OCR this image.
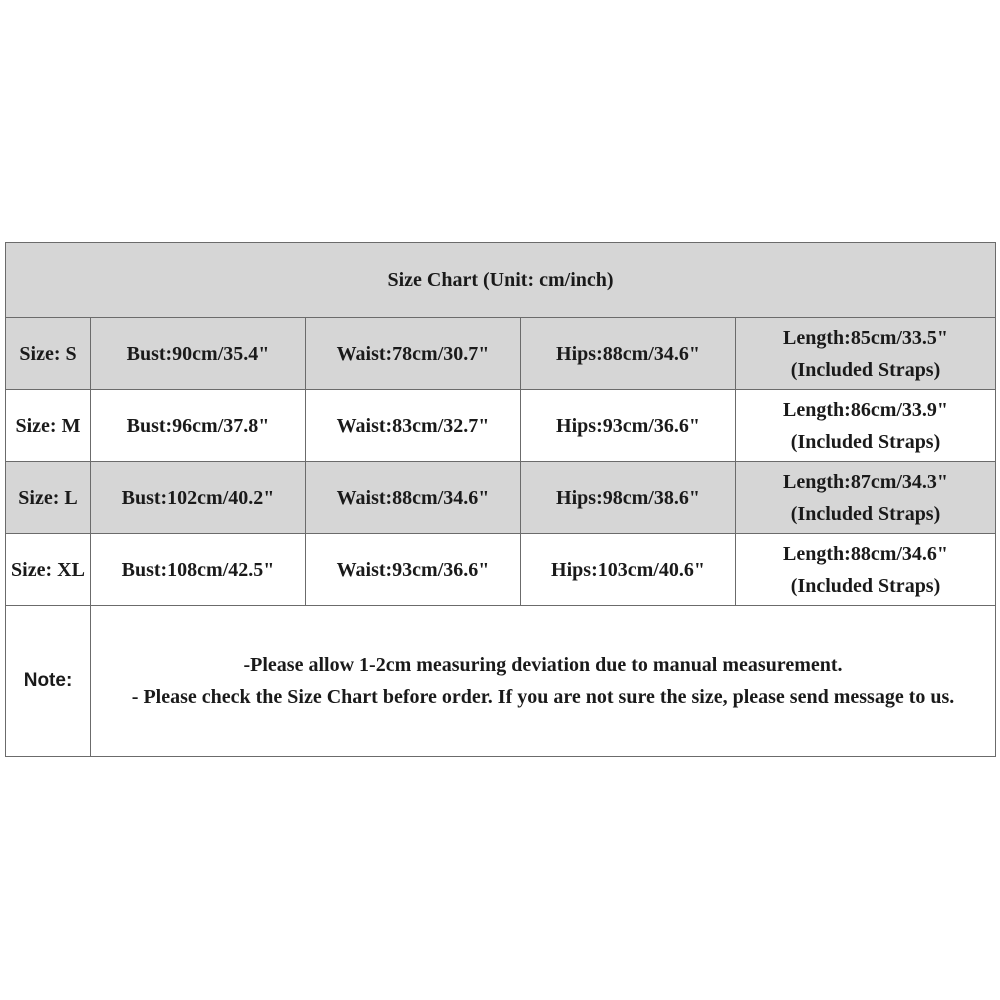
Size Chart (Unit: cm/inch)				
Size: S	Bust:90cm/35.4"	Waist:78cm/30.7"	Hips:88cm/34.6"	Length:85cm/33.5"
(Included Straps)

Size: M	Bust:96cm/37.8"	Waist:83cm/32.7"	Hips:93cm/36.6"	Length:86cm/33.9"
(Included Straps)

Size: L	Bust:102cm/40.2"	Waist:88cm/34.6"	Hips:98cm/38.6"	Length:87cm/34.3"
(Included Straps)

Size: XL	Bust:108cm/42.5"	Waist:93cm/36.6"	Hips:103cm/40.6"	Length:88cm/34.6"
(Included Straps)

Note:	-Please allow 1-2cm measuring deviation due to manual measurement.
- Please check the Size Chart before order. If you are not sure the size, please send message to us.			
